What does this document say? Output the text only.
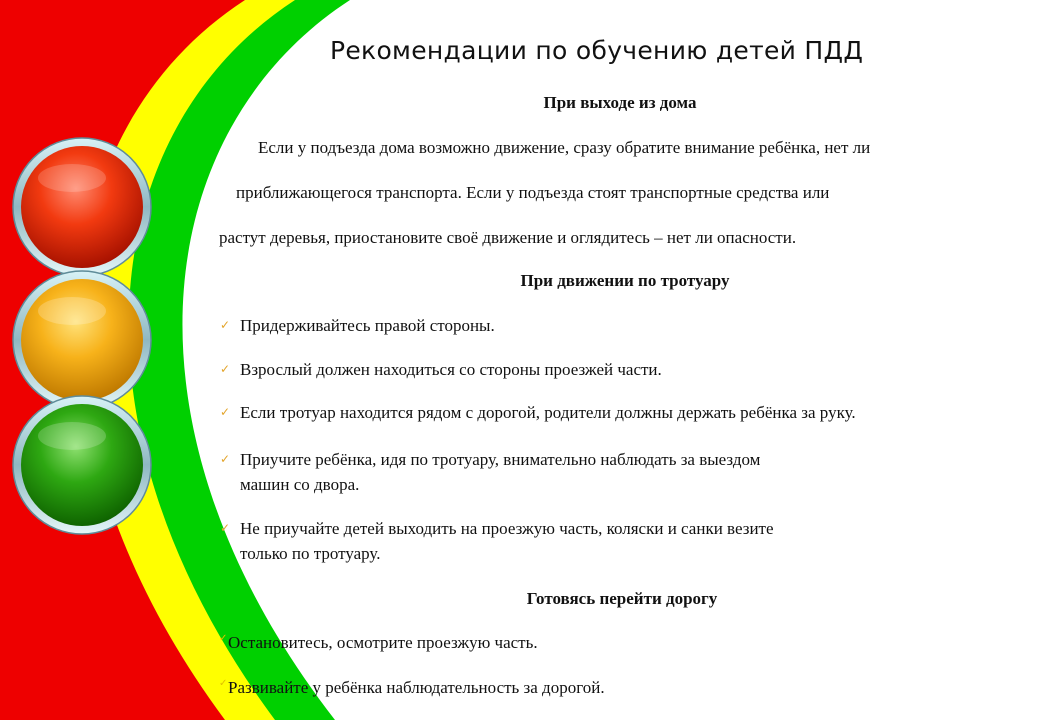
Рекомендации по обучению детей ПДД
При выходе из дома
Если у подъезда дома возможно движение, сразу обратите внимание ребёнка, нет ли
приближающегося транспорта. Если у подъезда стоят транспортные средства или
растут деревья, приостановите своё движение и оглядитесь – нет ли опасности.
При движении по тротуару
✓ Придерживайтесь правой стороны.
✓ Взрослый должен находиться со стороны проезжей части.
✓ Если тротуар находится рядом с дорогой, родители должны держать ребёнка за руку.
✓ Приучите ребёнка, идя по тротуару, внимательно наблюдать за выездом машин со двора.
✓ Не приучайте детей выходить на проезжую часть, коляски и санки везите только по тротуару.
Готовясь перейти дорогу
✓ Остановитесь, осмотрите проезжую часть.
✓ Развивайте у ребёнка наблюдательность за дорогой.
